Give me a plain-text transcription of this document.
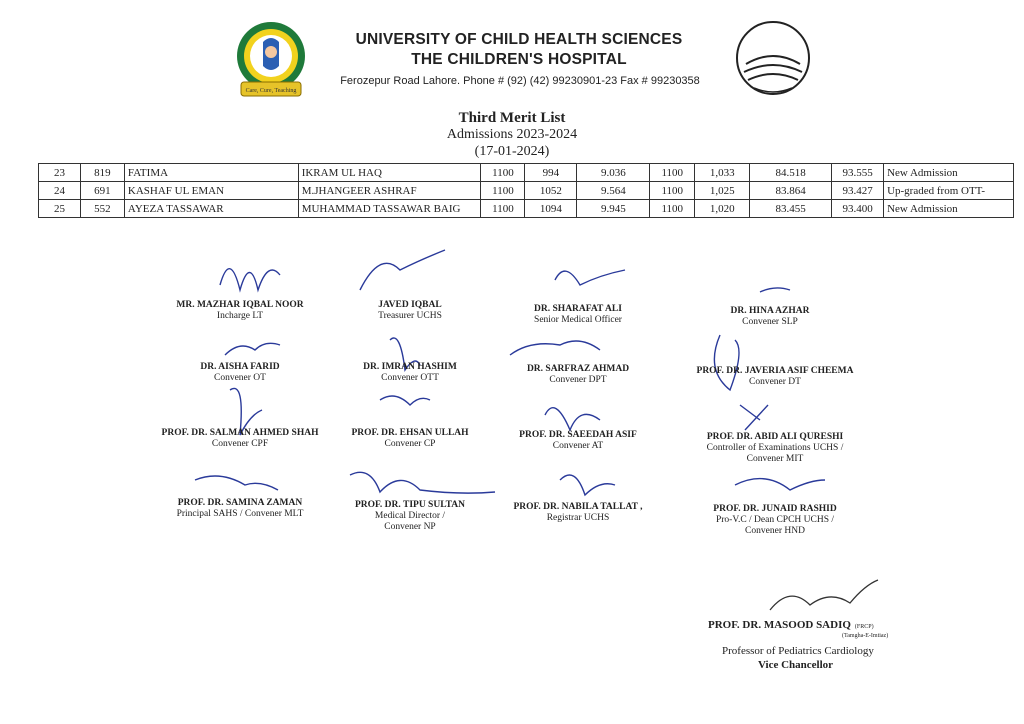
Care, Cure, Teaching
UNIVERSITY OF CHILD HEALTH SCIENCES
THE CHILDREN'S HOSPITAL
Ferozepur Road Lahore. Phone # (92) (42) 99230901-23 Fax # 99230358
Third Merit List
Admissions 2023-2024
(17-01-2024)
23	819	FATIMA	IKRAM UL HAQ	1100	994	9.036	1100	1,033	84.518	93.555	New Admission
24	691	KASHAF UL EMAN	M.JHANGEER ASHRAF	1100	1052	9.564	1100	1,025	83.864	93.427	Up-graded from OTT-
25	552	AYEZA TASSAWAR	MUHAMMAD TASSAWAR BAIG	1100	1094	9.945	1100	1,020	83.455	93.400	New Admission
MR. MAZHAR IQBAL NOOR
Incharge LT
JAVED IQBAL
Treasurer UCHS
DR. SHARAFAT ALI
Senior Medical Officer
DR. HINA AZHAR
Convener SLP
DR. AISHA FARID
Convener OT
DR. IMRAN HASHIM
Convener OTT
DR. SARFRAZ AHMAD
Convener DPT
PROF. DR. JAVERIA ASIF CHEEMA
Convener DT
PROF. DR. SALMAN AHMED SHAH
Convener CPF
PROF. DR. EHSAN ULLAH
Convener CP
PROF. DR. SAEEDAH ASIF
Convener AT
PROF. DR. ABID ALI QURESHI
Controller of Examinations UCHS /
Convener MIT
PROF. DR. SAMINA ZAMAN
Principal SAHS / Convener MLT
PROF. DR. TIPU SULTAN
Medical Director /
Convener NP
PROF. DR. NABILA TALLAT ,
Registrar UCHS
PROF. DR. JUNAID RASHID
Pro-V.C / Dean CPCH UCHS /
Convener HND
PROF. DR. MASOOD SADIQ (FRCP)
(Tamgha-E-Imtiaz)
Professor of Pediatrics Cardiology
Vice Chancellor
